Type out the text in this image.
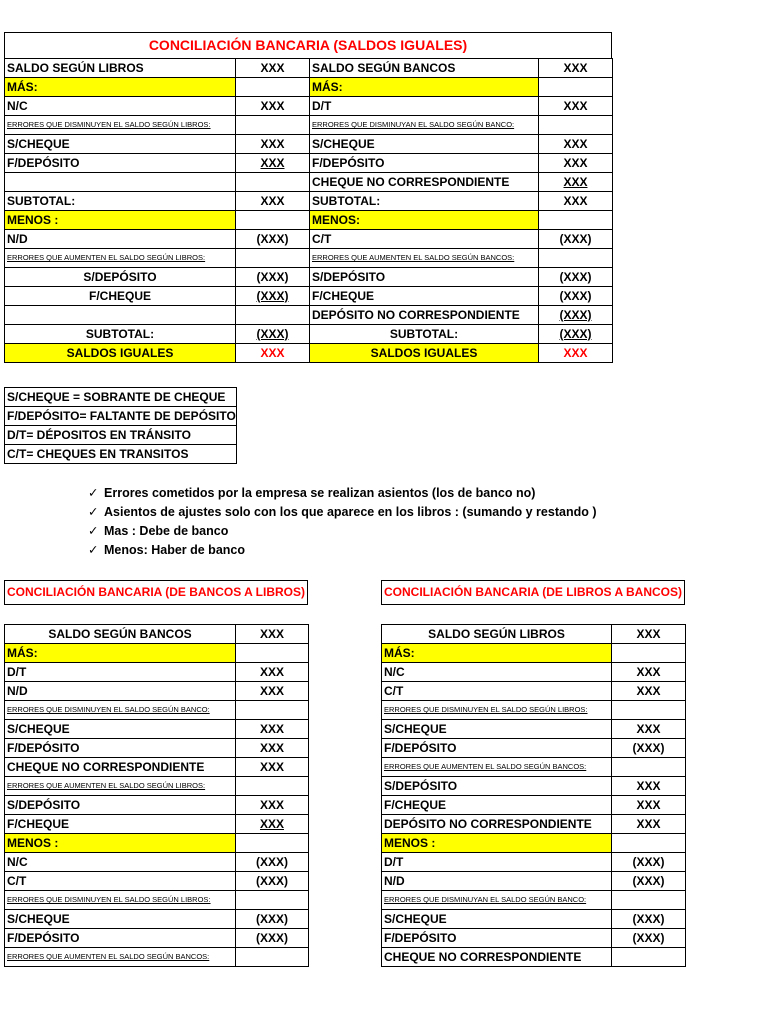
CONCILIACIÓN BANCARIA (SALDOS IGUALES)
SALDO SEGÚN LIBROS	XXX	SALDO SEGÚN BANCOS	XXX
MÁS:		MÁS:	
N/C	XXX	D/T	XXX
ERRORES QUE DISMINUYEN EL SALDO SEGÚN LIBROS:		ERRORES QUE DISMINUYAN EL SALDO SEGÚN BANCO:	
S/CHEQUE	XXX	S/CHEQUE	XXX
F/DEPÓSITO	XXX	F/DEPÓSITO	XXX
		CHEQUE NO CORRESPONDIENTE	XXX
SUBTOTAL:	XXX	SUBTOTAL:	XXX
MENOS :		MENOS:	
N/D	(XXX)	C/T	(XXX)
ERRORES QUE AUMENTEN EL SALDO SEGÚN LIBROS:		ERRORES QUE AUMENTEN EL SALDO SEGÚN BANCOS:	
S/DEPÓSITO	(XXX)	S/DEPÓSITO	(XXX)
F/CHEQUE	(XXX)	F/CHEQUE	(XXX)
		DEPÓSITO NO CORRESPONDIENTE	(XXX)
SUBTOTAL:	(XXX)	SUBTOTAL:	(XXX)
SALDOS IGUALES	XXX	SALDOS IGUALES	XXX
S/CHEQUE = SOBRANTE DE CHEQUE
F/DEPÓSITO= FALTANTE DE DEPÓSITO
D/T= DÉPOSITOS EN TRÁNSITO
C/T= CHEQUES EN TRANSITOS
✓ Errores cometidos por la empresa se realizan asientos (los de banco no)
✓ Asientos de ajustes solo con los que aparece en los libros : (sumando y restando )
✓ Mas : Debe de banco
✓ Menos: Haber de banco
CONCILIACIÓN BANCARIA (DE BANCOS A LIBROS)
SALDO SEGÚN BANCOS	XXX
MÁS:	
D/T	XXX
N/D	XXX
ERRORES QUE DISMINUYEN EL SALDO SEGÚN BANCO:	
S/CHEQUE	XXX
F/DEPÓSITO	XXX
CHEQUE NO CORRESPONDIENTE	XXX
ERRORES QUE AUMENTEN EL SALDO SEGÚN LIBROS:	
S/DEPÓSITO	XXX
F/CHEQUE	XXX
MENOS :	
N/C	(XXX)
C/T	(XXX)
ERRORES QUE DISMINUYEN EL SALDO SEGÚN LIBROS:	
S/CHEQUE	(XXX)
F/DEPÓSITO	(XXX)
ERRORES QUE AUMENTEN EL SALDO SEGÚN BANCOS:	
CONCILIACIÓN BANCARIA (DE LIBROS A BANCOS)
SALDO SEGÚN LIBROS	XXX
MÁS:	
N/C	XXX
C/T	XXX
ERRORES QUE DISMINUYEN EL SALDO SEGÚN LIBROS:	
S/CHEQUE	XXX
F/DEPÓSITO	(XXX)
ERRORES QUE AUMENTEN EL SALDO SEGÚN BANCOS:	
S/DEPÓSITO	XXX
F/CHEQUE	XXX
DEPÓSITO NO CORRESPONDIENTE	XXX
MENOS :	
D/T	(XXX)
N/D	(XXX)
ERRORES QUE DISMINUYAN EL SALDO SEGÚN BANCO:	
S/CHEQUE	(XXX)
F/DEPÓSITO	(XXX)
CHEQUE NO CORRESPONDIENTE	
